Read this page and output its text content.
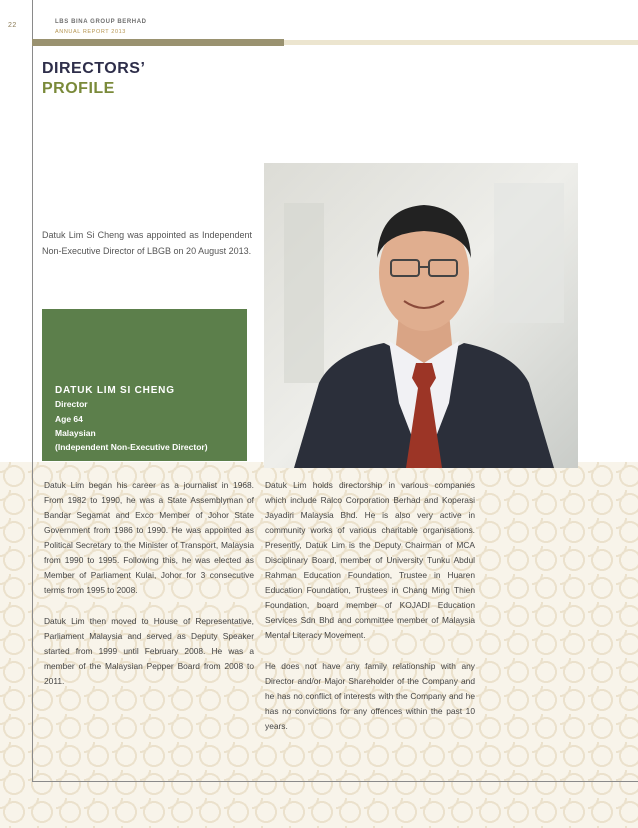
22	LBS BINA GROUP BERHAD
ANNUAL REPORT 2013
DIRECTORS’
PROFILE
Datuk Lim Si Cheng was appointed as Independent Non-Executive Director of LBGB on 20 August 2013.
DATUK LIM SI CHENG
Director
Age 64
Malaysian
(Independent Non-Executive Director)

Datuk Lim began his career as a journalist in 1968. From 1982 to 1990, he was a State Assemblyman of Bandar Segamat and Exco Member of Johor State Government from 1986 to 1990. He was appointed as Political Secretary to the Minister of Transport, Malaysia from 1990 to 1995. Following this, he was elected as Member of Parliament Kulai, Johor for 3 consecutive terms from 1995 to 2008.

Datuk Lim then moved to House of Representative, Parliament Malaysia and served as Deputy Speaker started from 1999 until February 2008. He was a member of the Malaysian Pepper Board from 2008 to 2011.

Datuk Lim holds directorship in various companies which include Ralco Corporation Berhad and Koperasi Jayadiri Malaysia Bhd. He is also very active in community works of various charitable organisations. Presently, Datuk Lim is the Deputy Chairman of MCA Disciplinary Board, member of University Tunku Abdul Rahman Education Foundation, Trustee in Huaren Education Foundation, Trustees in Chang Ming Thien Foundation, board member of KOJADI Education Services Sdn Bhd and committee member of Malaysia Mental Literacy Movement.

He does not have any family relationship with any Director and/or Major Shareholder of the Company and he has no conflict of interests with the Company and he has no convictions for any offences within the past 10 years.
